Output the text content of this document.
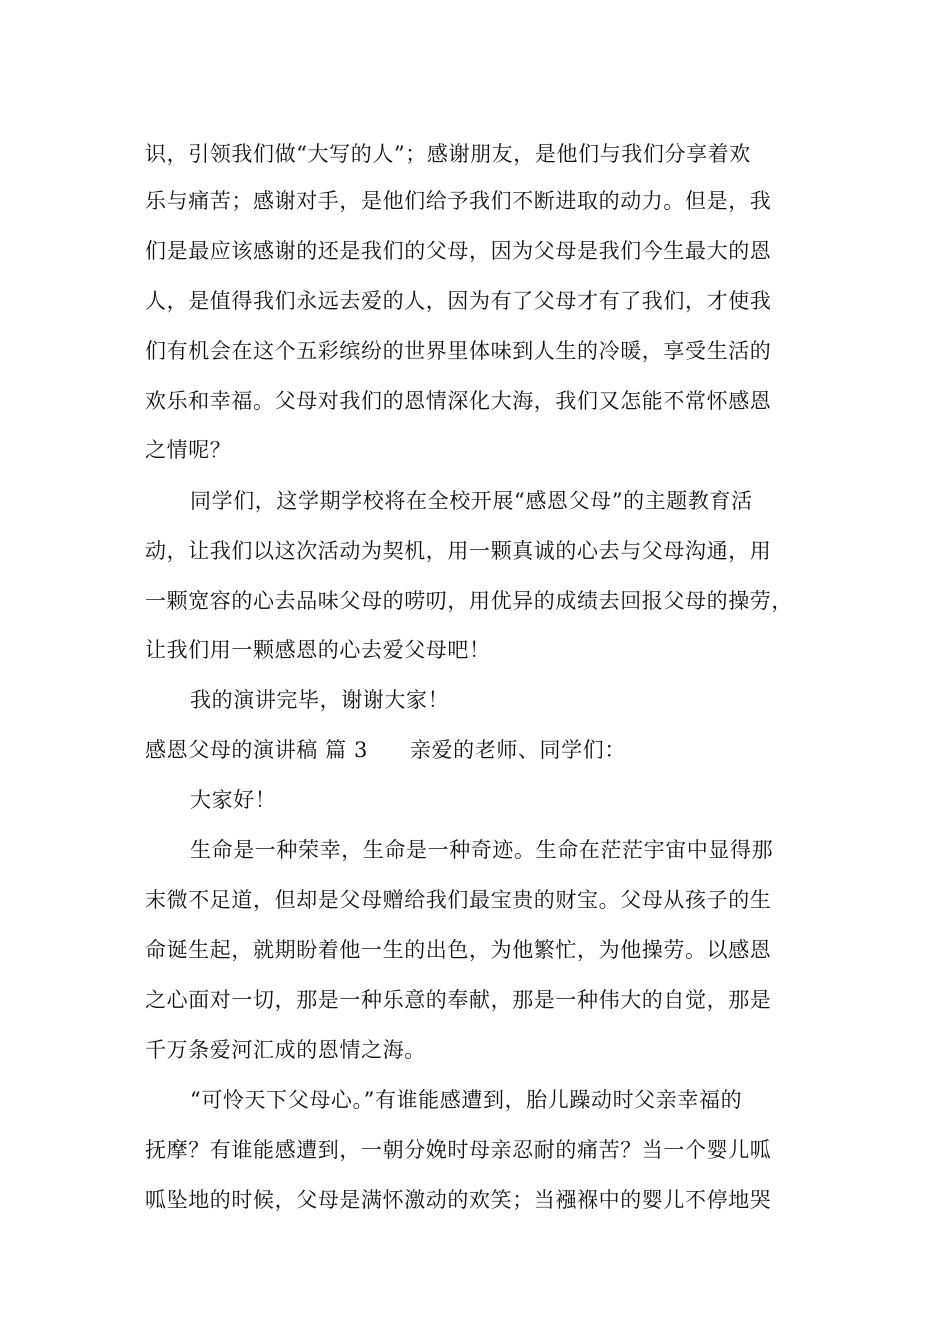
识，引领我们做“大写的人”；感谢朋友，是他们与我们分享着欢
乐与痛苦；感谢对手，是他们给予我们不断进取的动力。但是，我
们是最应该感谢的还是我们的父母，因为父母是我们今生最大的恩
人，是值得我们永远去爱的人，因为有了父母才有了我们，才使我
们有机会在这个五彩缤纷的世界里体味到人生的冷暖，享受生活的
欢乐和幸福。父母对我们的恩情深化大海，我们又怎能不常怀感恩
之情呢？
同学们，这学期学校将在全校开展“感恩父母”的主题教育活
动，让我们以这次活动为契机，用一颗真诚的心去与父母沟通，用
一颗宽容的心去品味父母的唠叨，用优异的成绩去回报父母的操劳，
让我们用一颗感恩的心去爱父母吧！
我的演讲完毕，谢谢大家！
感恩父母的演讲稿 篇 3 亲爱的老师、同学们：
大家好！
生命是一种荣幸，生命是一种奇迹。生命在茫茫宇宙中显得那
末微不足道，但却是父母赠给我们最宝贵的财宝。父母从孩子的生
命诞生起，就期盼着他一生的出色，为他繁忙，为他操劳。以感恩
之心面对一切，那是一种乐意的奉献，那是一种伟大的自觉，那是
千万条爱河汇成的恩情之海。
“可怜天下父母心。”有谁能感遭到，胎儿躁动时父亲幸福的
抚摩？有谁能感遭到，一朝分娩时母亲忍耐的痛苦？当一个婴儿呱
呱坠地的时候，父母是满怀激动的欢笑；当襁褓中的婴儿不停地哭
